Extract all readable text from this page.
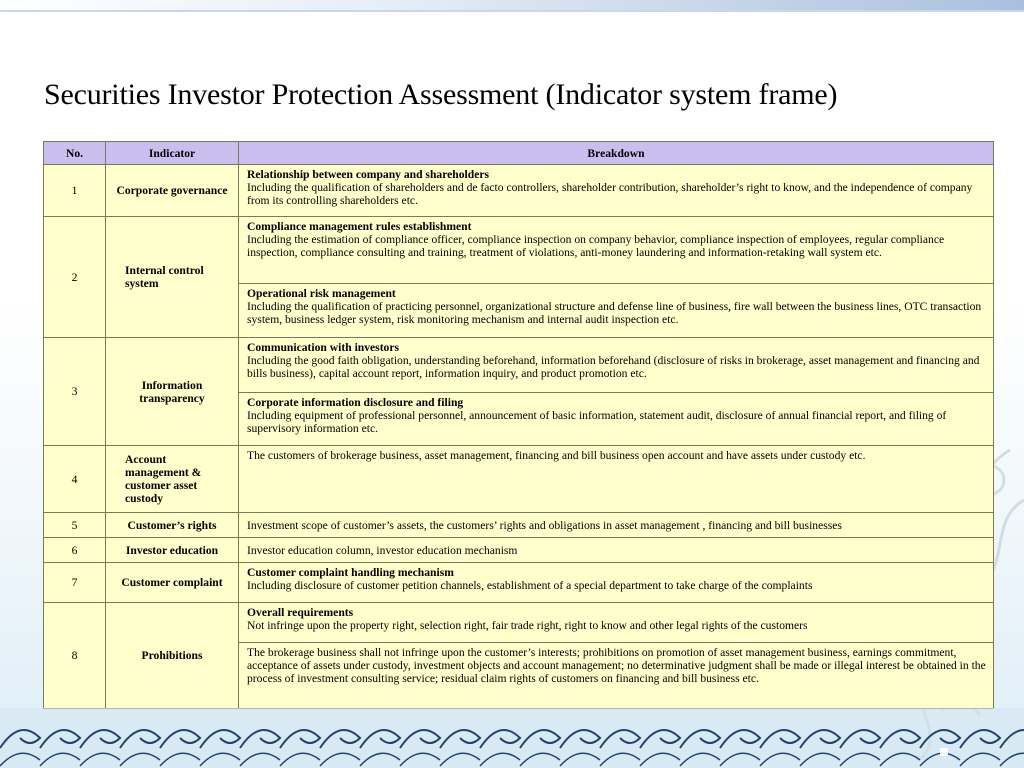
Securities Investor Protection Assessment (Indicator system frame)
No.	Indicator	Breakdown
1	Corporate governance	Relationship between company and shareholders
Including the qualification of shareholders and de facto controllers, shareholder contribution, shareholder’s right to know, and the independence of company from its controlling shareholders etc.

2	Internal control system	Compliance management rules establishment
Including the estimation of compliance officer, compliance inspection on company behavior, compliance inspection of employees, regular compliance inspection, compliance consulting and training, treatment of violations, anti-money laundering and information-retaking wall system etc.

		Operational risk management
Including the qualification of practicing personnel, organizational structure and defense line of business, fire wall between the business lines, OTC transaction system, business ledger system, risk monitoring mechanism and internal audit inspection etc.

3	Information transparency	Communication with investors
Including the good faith obligation, understanding beforehand, information beforehand (disclosure of risks in brokerage, asset management and financing and bills business), capital account report, information inquiry, and product promotion etc.

		Corporate information disclosure and filing
Including equipment of professional personnel, announcement of basic information, statement audit, disclosure of annual financial report, and filing of supervisory information etc.

4	Account management & customer asset custody	The customers of brokerage business, asset management, financing and bill business open account and have assets under custody etc.

5	Customer’s rights	Investment scope of customer’s assets, the customers’ rights and obligations in asset management , financing and bill businesses

6	Investor education	Investor education column, investor education mechanism

7	Customer complaint	Customer complaint handling mechanism
Including disclosure of customer petition channels, establishment of a special department to take charge of the complaints

8	Prohibitions	Overall requirements
Not infringe upon the property right, selection right, fair trade right, right to know and other legal rights of the customers

		The brokerage business shall not infringe upon the customer’s interests; prohibitions on promotion of asset management business, earnings commitment, acceptance of assets under custody, investment objects and account management; no determinative judgment shall be made or illegal interest be obtained in the process of investment consulting service; residual claim rights of customers on financing and bill business etc.
